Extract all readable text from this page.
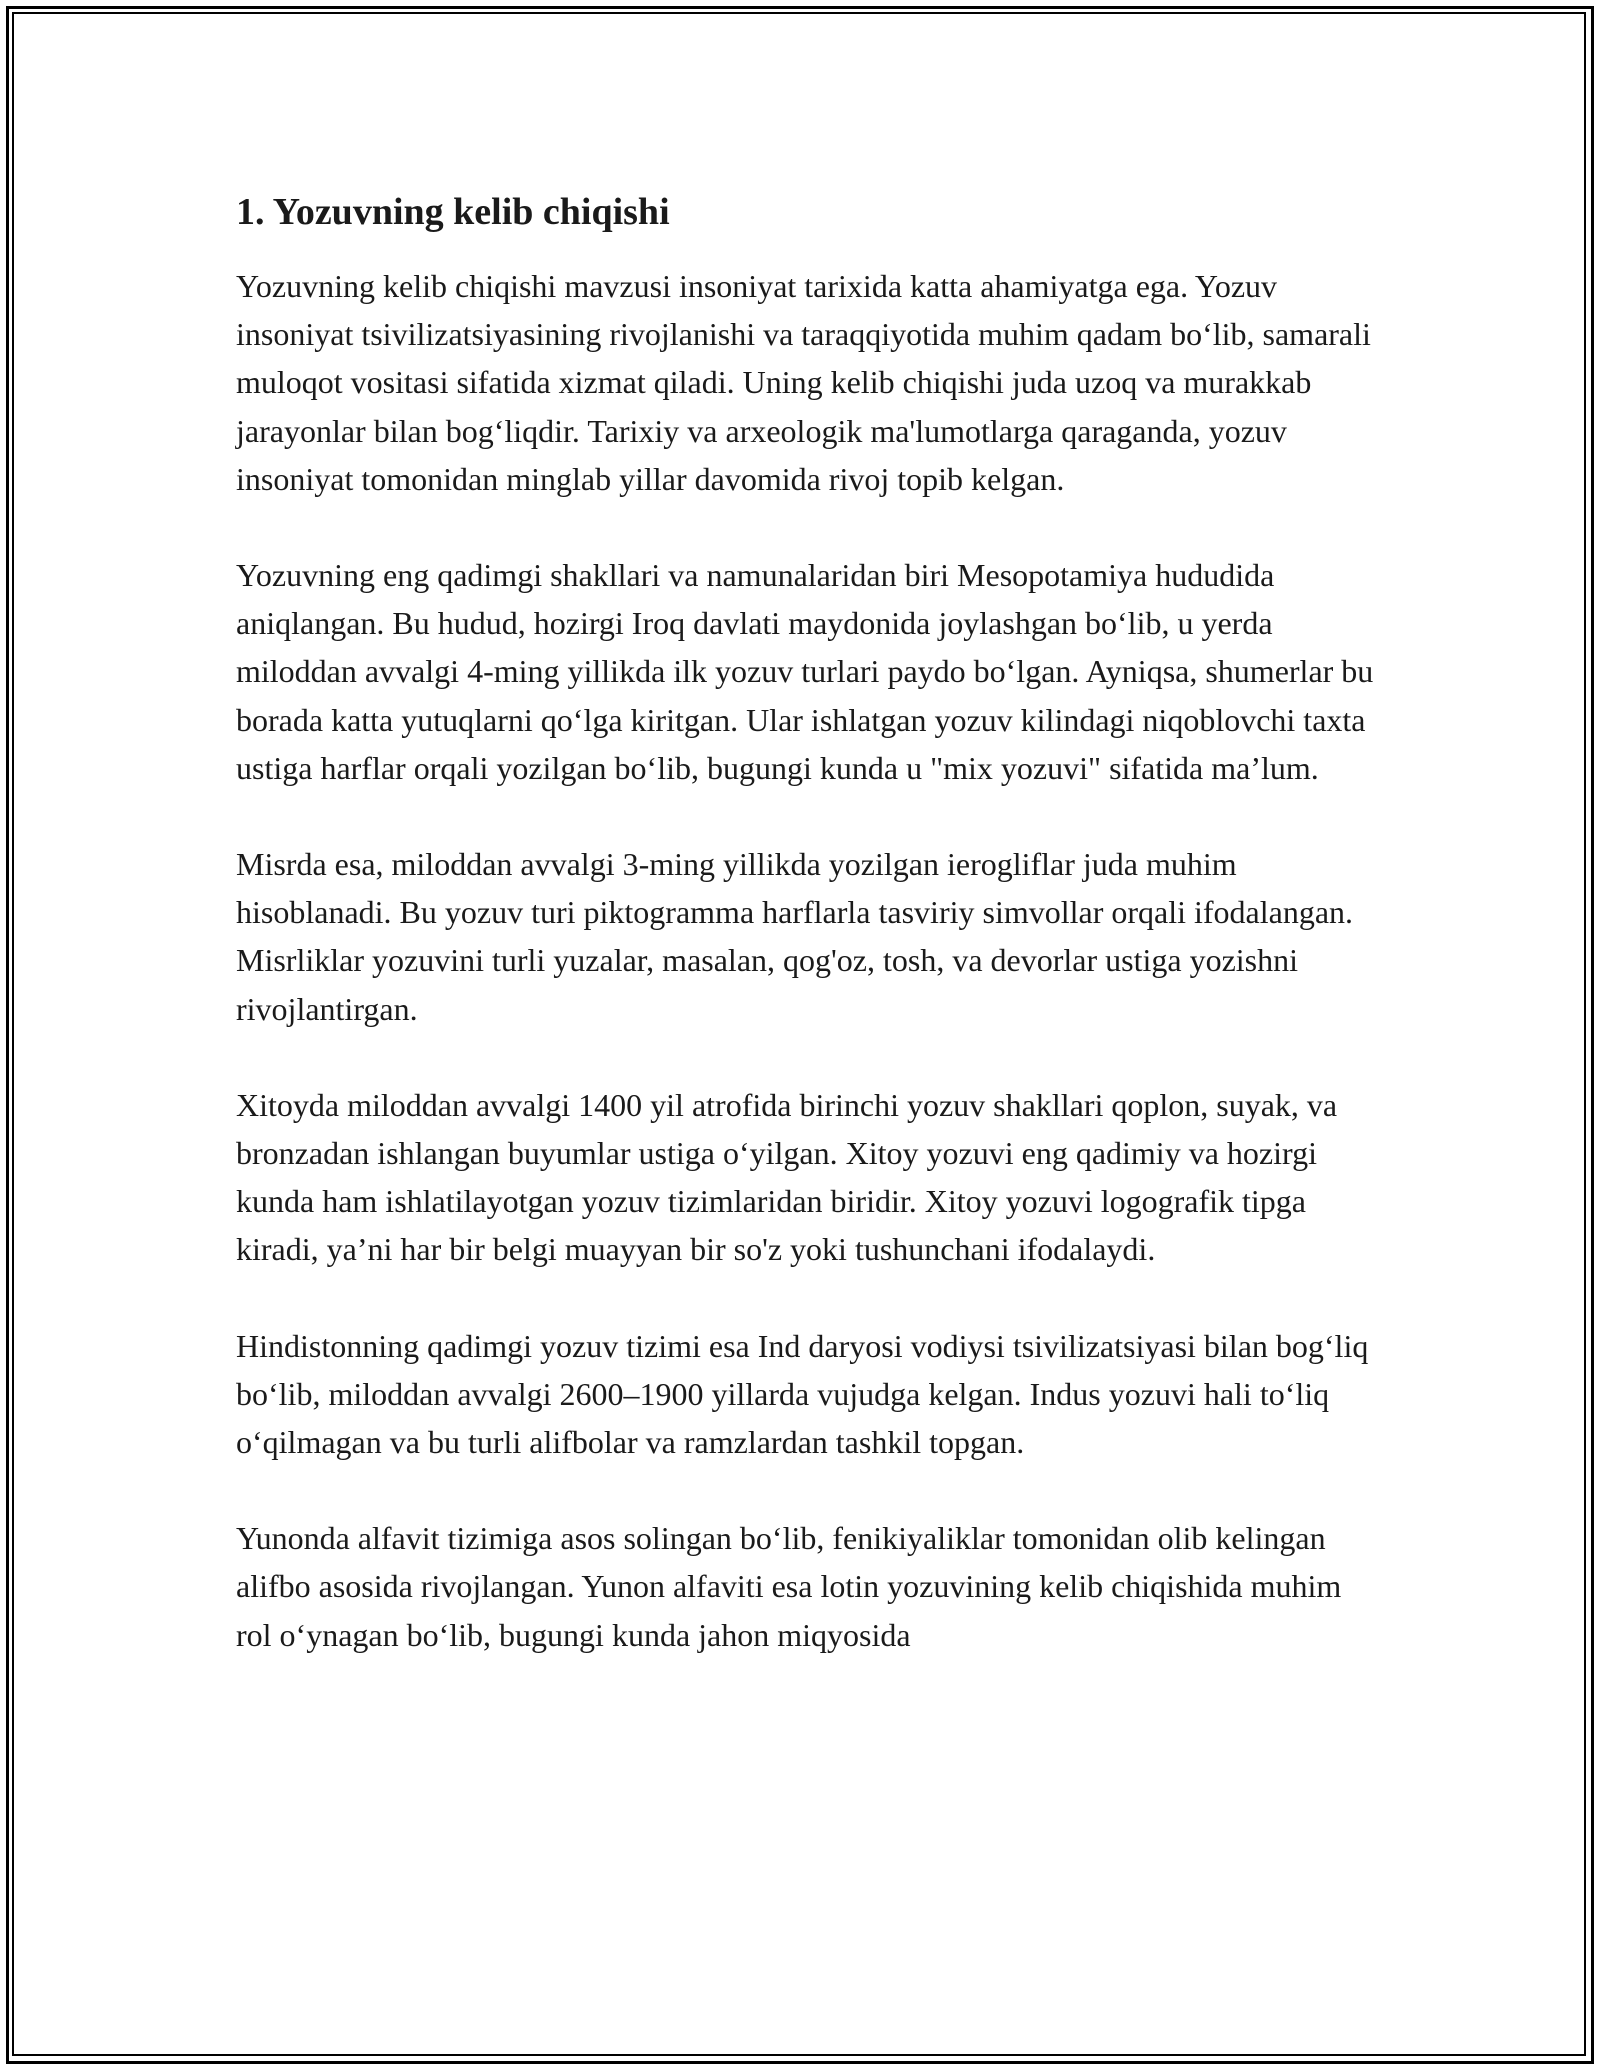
1. Yozuvning kelib chiqishi

Yozuvning kelib chiqishi mavzusi insoniyat tarixida katta ahamiyatga ega. Yozuv insoniyat tsivilizatsiyasining rivojlanishi va taraqqiyotida muhim qadam bo‘lib, samarali muloqot vositasi sifatida xizmat qiladi. Uning kelib chiqishi juda uzoq va murakkab jarayonlar bilan bog‘liqdir. Tarixiy va arxeologik ma'lumotlarga qaraganda, yozuv insoniyat tomonidan minglab yillar davomida rivoj topib kelgan.

Yozuvning eng qadimgi shakllari va namunalaridan biri Mesopotamiya hududida aniqlangan. Bu hudud, hozirgi Iroq davlati maydonida joylashgan bo‘lib, u yerda miloddan avvalgi 4-ming yillikda ilk yozuv turlari paydo bo‘lgan. Ayniqsa, shumerlar bu borada katta yutuqlarni qo‘lga kiritgan. Ular ishlatgan yozuv kilindagi niqoblovchi taxta ustiga harflar orqali yozilgan bo‘lib, bugungi kunda u "mix yozuvi" sifatida ma’lum.

Misrda esa, miloddan avvalgi 3-ming yillikda yozilgan ierogliflar juda muhim hisoblanadi. Bu yozuv turi piktogramma harflarla tasviriy simvollar orqali ifodalangan. Misrliklar yozuvini turli yuzalar, masalan, qog'oz, tosh, va devorlar ustiga yozishni rivojlantirgan.

Xitoyda miloddan avvalgi 1400 yil atrofida birinchi yozuv shakllari qoplon, suyak, va bronzadan ishlangan buyumlar ustiga o‘yilgan. Xitoy yozuvi eng qadimiy va hozirgi kunda ham ishlatilayotgan yozuv tizimlaridan biridir. Xitoy yozuvi logografik tipga kiradi, ya’ni har bir belgi muayyan bir so'z yoki tushunchani ifodalaydi.

Hindistonning qadimgi yozuv tizimi esa Ind daryosi vodiysi tsivilizatsiyasi bilan bog‘liq bo‘lib, miloddan avvalgi 2600–1900 yillarda vujudga kelgan. Indus yozuvi hali to‘liq o‘qilmagan va bu turli alifbolar va ramzlardan tashkil topgan.

Yunonda alfavit tizimiga asos solingan bo‘lib, fenikiyaliklar tomonidan olib kelingan alifbo asosida rivojlangan. Yunon alfaviti esa lotin yozuvining kelib chiqishida muhim rol o‘ynagan bo‘lib, bugungi kunda jahon miqyosida
